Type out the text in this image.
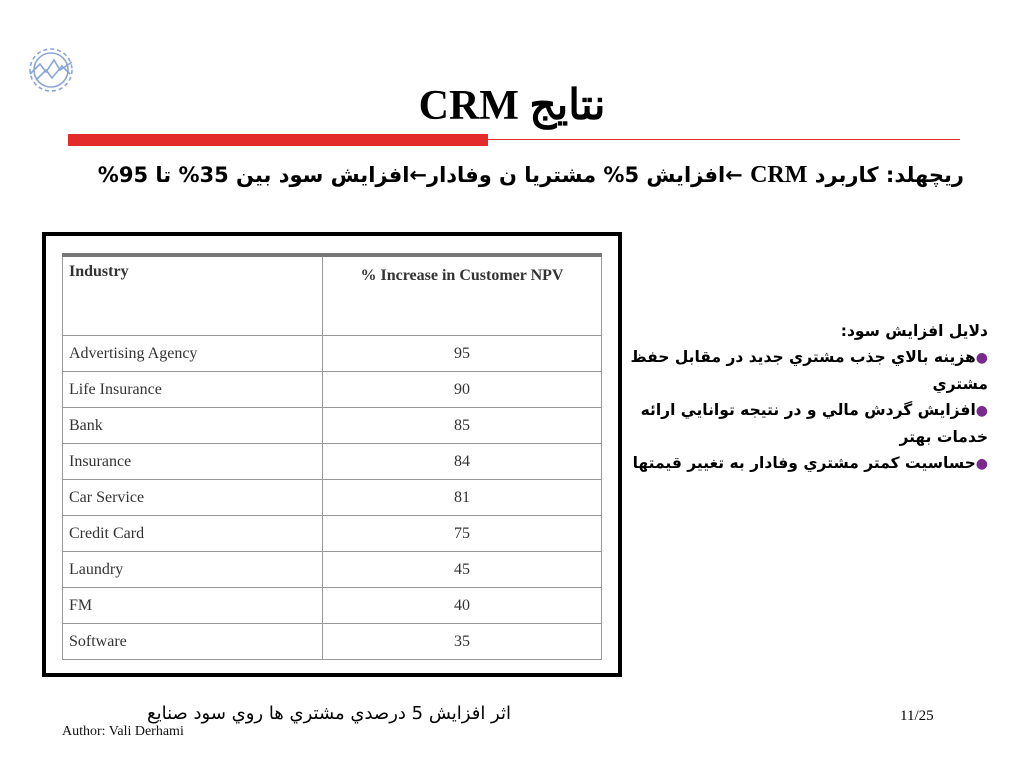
نتايج CRM
ريچهلد: كاربرد CRM ←افزايش 5% مشتريا ن وفادار←افزايش سود بين 35% تا 95%
Industry	% Increase in Customer NPV
Advertising Agency	95
Life Insurance	90
Bank	85
Insurance	84
Car Service	81
Credit Card	75
Laundry	45
FM	40
Software	35

دلايل افزايش سود:

●هزينه بالاي جذب مشتري جديد در مقابل حفظ مشتري

●افزايش گردش مالي و در نتيجه توانايي ارائه خدمات بهتر

●حساسيت كمتر مشتري وفادار به تغيير قيمتها

اثر افزايش 5 درصدي مشتري ها روي سود صنايع	11/25
Author: Vali Derhami
